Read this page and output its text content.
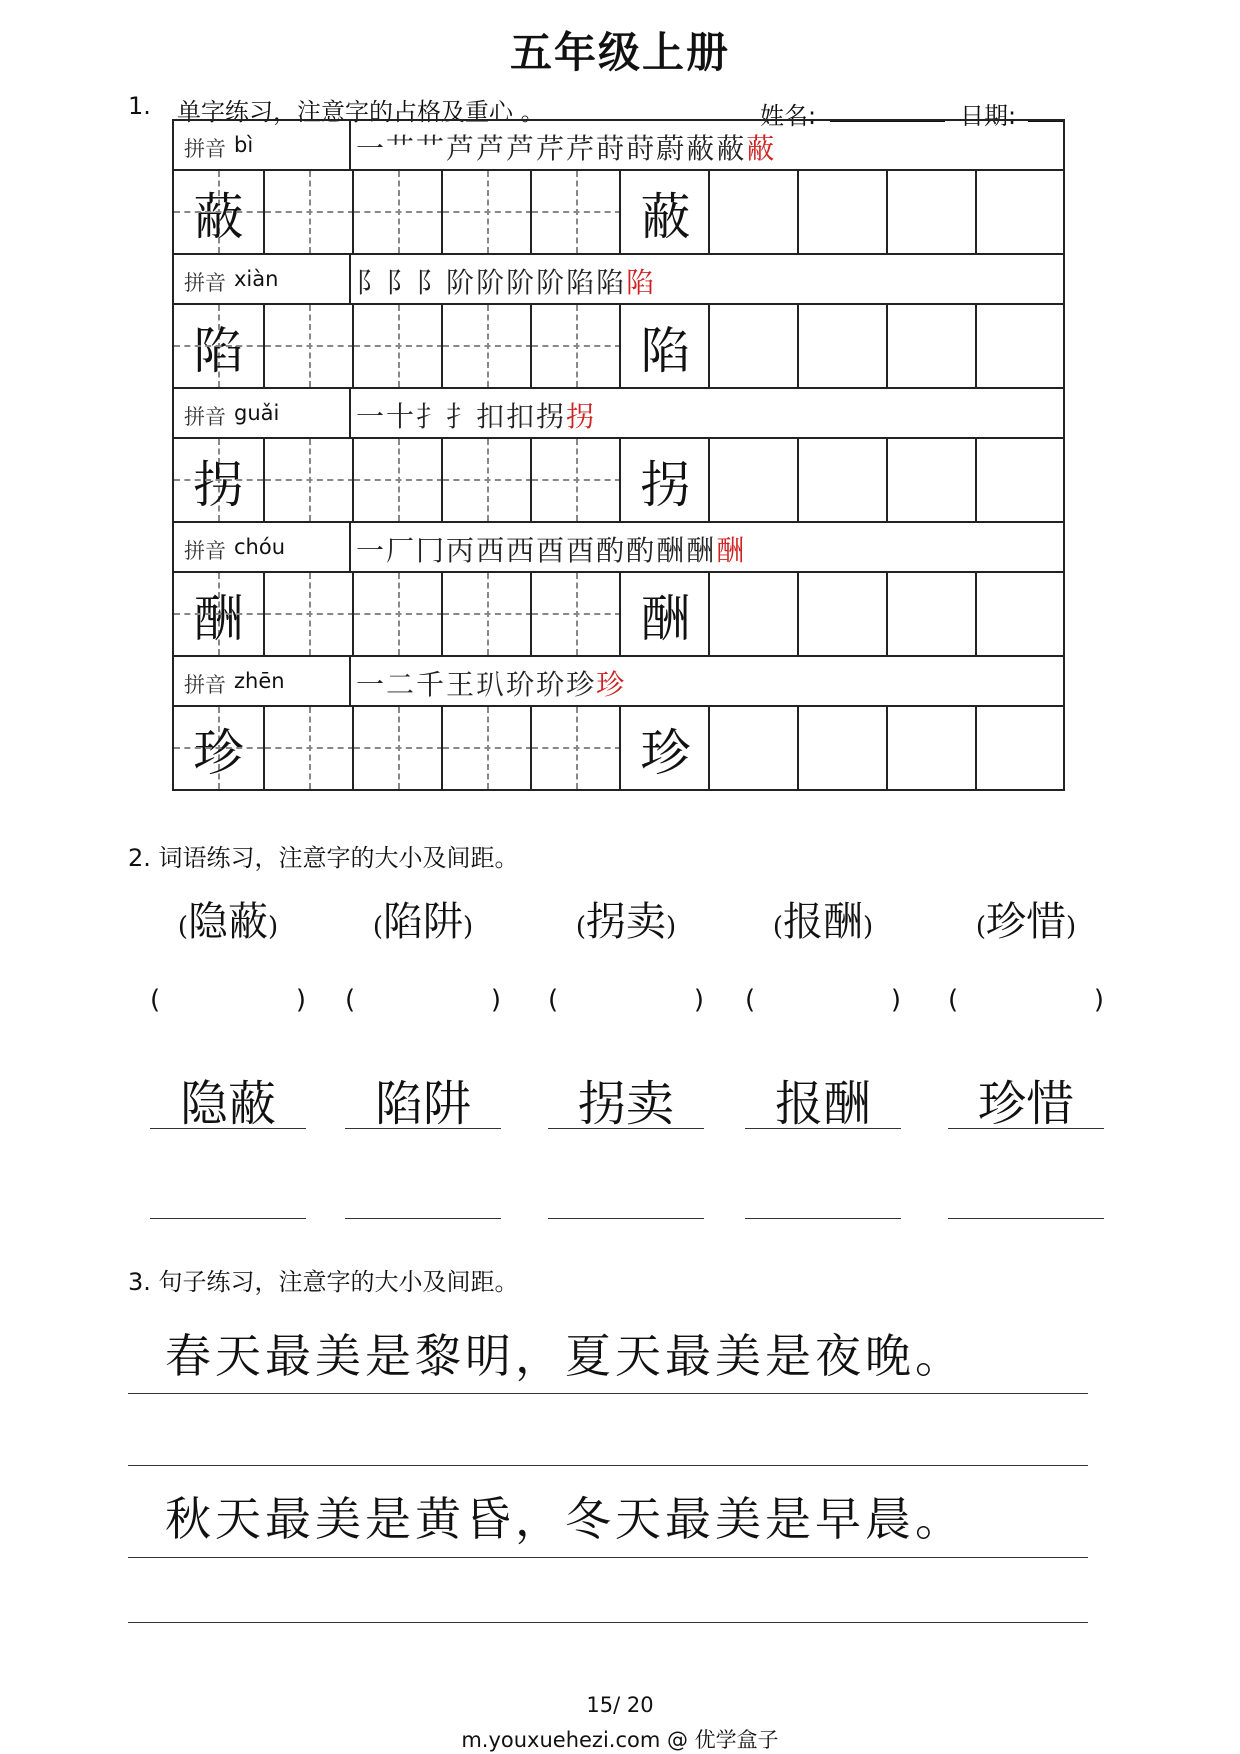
五年级上册
1. 单字练习，注意字的占格及重心 。	姓名:	日期:
拼音 bì	一艹艹芦芦芦芹芹莳莳蔚蔽蔽蔽
蔽	蔽
拼音 xiàn	阝阝阝阶阶阶阶陷陷陷
陷	陷
拼音 guǎi	一十扌扌扣扣拐拐
拐	拐
拼音 chóu	一厂冂丙西西酉酉酌酌酬酬酬
酬	酬
拼音 zhēn	一二千王玐玠玠珍珍
珍	珍
2. 词语练习，注意字的大小及间距。
(隐蔽)
(	)
隐蔽
(陷阱)
(	)
陷阱
(拐卖)
(	)
拐卖
(报酬)
(	)
报酬
(珍惜)
(	)
珍惜
3. 句子练习，注意字的大小及间距。
春天最美是黎明，夏天最美是夜晚。
秋天最美是黄昏，冬天最美是早晨。
15/ 20
m.youxuehezi.com @ 优学盒子
